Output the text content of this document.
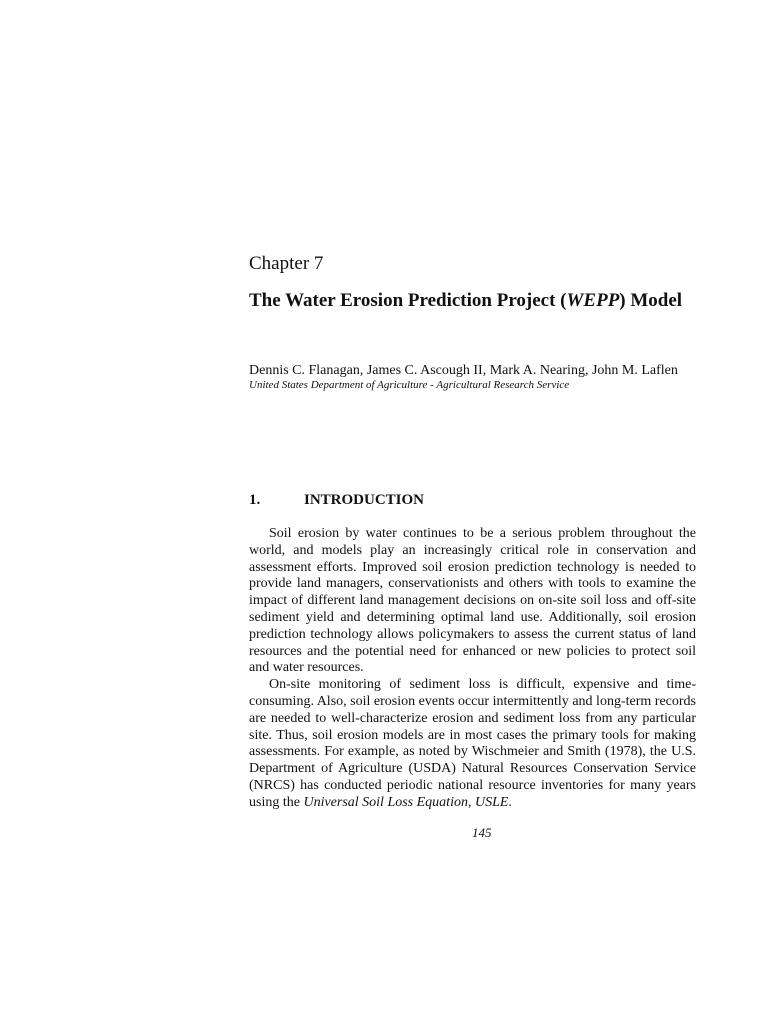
Chapter 7
The Water Erosion Prediction Project (WEPP) Model
Dennis C. Flanagan, James C. Ascough II, Mark A. Nearing, John M. Laflen
United States Department of Agriculture - Agricultural Research Service
1.	INTRODUCTION

Soil erosion by water continues to be a serious problem throughout the world, and models play an increasingly critical role in conservation and assessment efforts. Improved soil erosion prediction technology is needed to provide land managers, conservationists and others with tools to examine the impact of different land management decisions on on-site soil loss and off-site sediment yield and determining optimal land use. Additionally, soil erosion prediction technology allows policymakers to assess the current status of land resources and the potential need for enhanced or new policies to protect soil and water resources.

On-site monitoring of sediment loss is difficult, expensive and time-consuming. Also, soil erosion events occur intermittently and long-term records are needed to well-characterize erosion and sediment loss from any particular site. Thus, soil erosion models are in most cases the primary tools for making assessments. For example, as noted by Wischmeier and Smith (1978), the U.S. Department of Agriculture (USDA) Natural Resources Conservation Service (NRCS) has conducted periodic national resource inventories for many years using the Universal Soil Loss Equation, USLE.

145
